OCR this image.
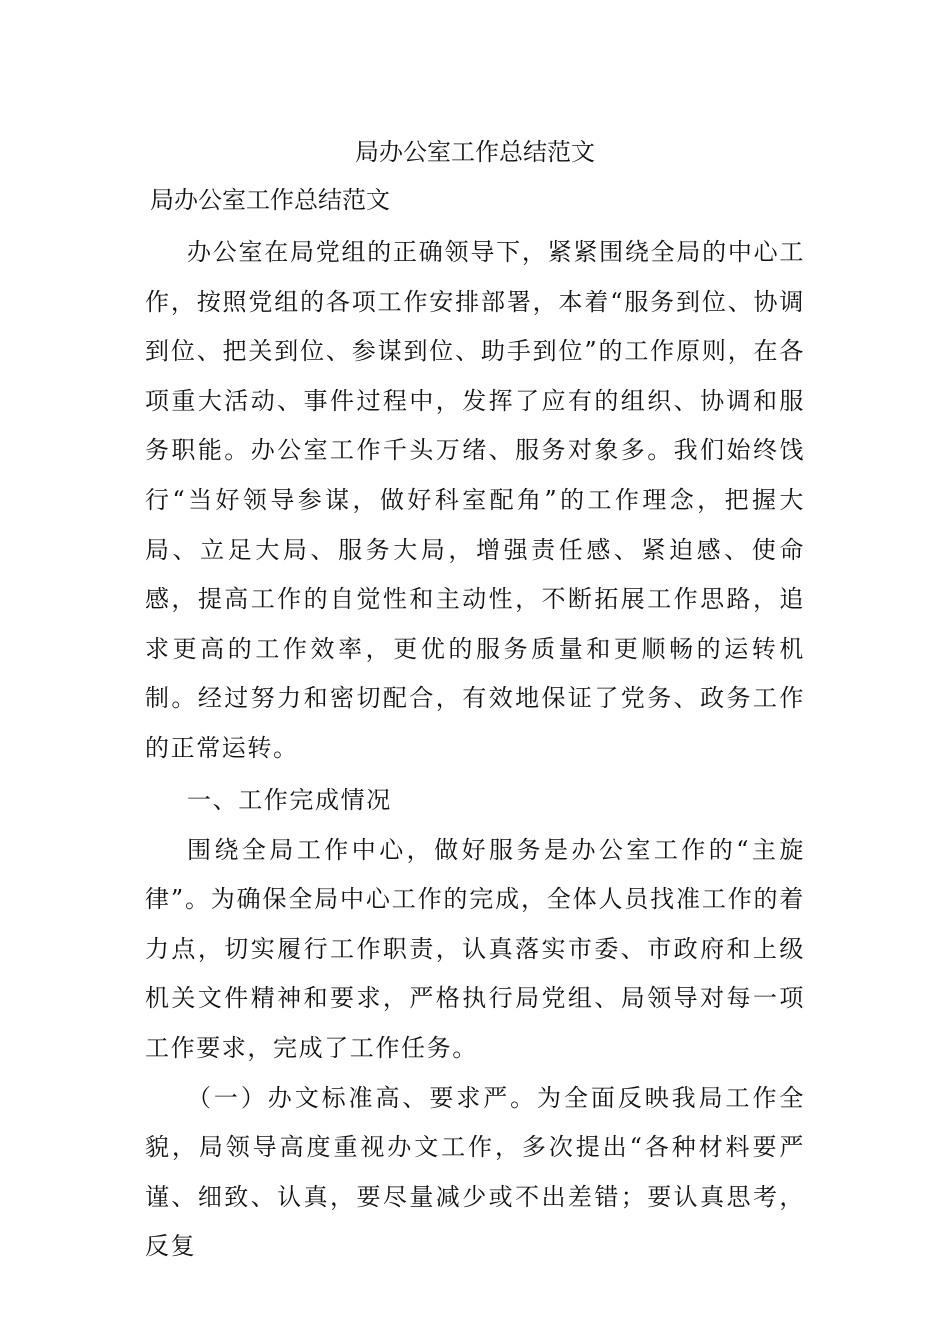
局办公室工作总结范文
局办公室工作总结范文

办公室在局党组的正确领导下，紧紧围绕全局的中心工作，按照党组的各项工作安排部署，本着“服务到位、协调到位、把关到位、参谋到位、助手到位”的工作原则，在各项重大活动、事件过程中，发挥了应有的组织、协调和服务职能。办公室工作千头万绪、服务对象多。我们始终饯行“当好领导参谋，做好科室配角”的工作理念，把握大局、立足大局、服务大局，增强责任感、紧迫感、使命感，提高工作的自觉性和主动性，不断拓展工作思路，追求更高的工作效率，更优的服务质量和更顺畅的运转机制。经过努力和密切配合，有效地保证了党务、政务工作的正常运转。

一、工作完成情况

围绕全局工作中心，做好服务是办公室工作的“主旋律”。为确保全局中心工作的完成，全体人员找准工作的着力点，切实履行工作职责，认真落实市委、市政府和上级机关文件精神和要求，严格执行局党组、局领导对每一项工作要求，完成了工作任务。

（一）办文标准高、要求严。为全面反映我局工作全貌，局领导高度重视办文工作，多次提出“各种材料要严谨、细致、认真，要尽量减少或不出差错；要认真思考，反复
